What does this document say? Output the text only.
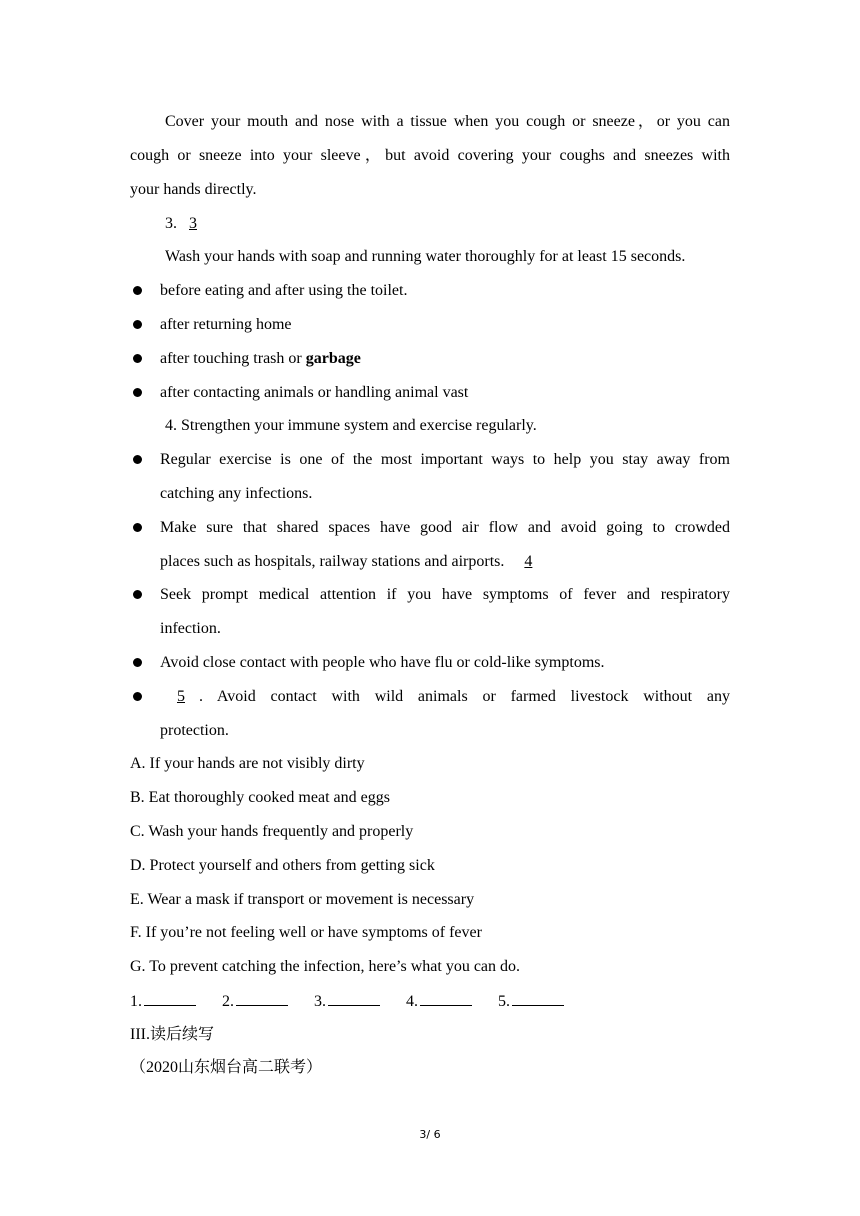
Cover your mouth and nose with a tissue when you cough or sneeze，or you can
cough or sneeze into your sleeve，but avoid covering your coughs and sneezes with
your hands directly.
3. 3
Wash your hands with soap and running water thoroughly for at least 15 seconds.
before eating and after using the toilet.
after returning home
after touching trash or garbage
after contacting animals or handling animal vast
4. Strengthen your immune system and exercise regularly.
Regular exercise is one of the most important ways to help you stay away from
catching any infections.
Make sure that shared spaces have good air flow and avoid going to crowded
places such as hospitals, railway stations and airports. 4
Seek prompt medical attention if you have symptoms of fever and respiratory
infection.
Avoid close contact with people who have flu or cold-like symptoms.
5 . Avoid contact with wild animals or farmed livestock without any
protection.
A. If your hands are not visibly dirty
B. Eat thoroughly cooked meat and eggs
C. Wash your hands frequently and properly
D. Protect yourself and others from getting sick
E. Wear a mask if transport or movement is necessary
F. If you’re not feeling well or have symptoms of fever
G. To prevent catching the infection, here’s what you can do.
1.	2.	3.	4.	5.
III.读后续写
（2020山东烟台高二联考）
3/ 6
